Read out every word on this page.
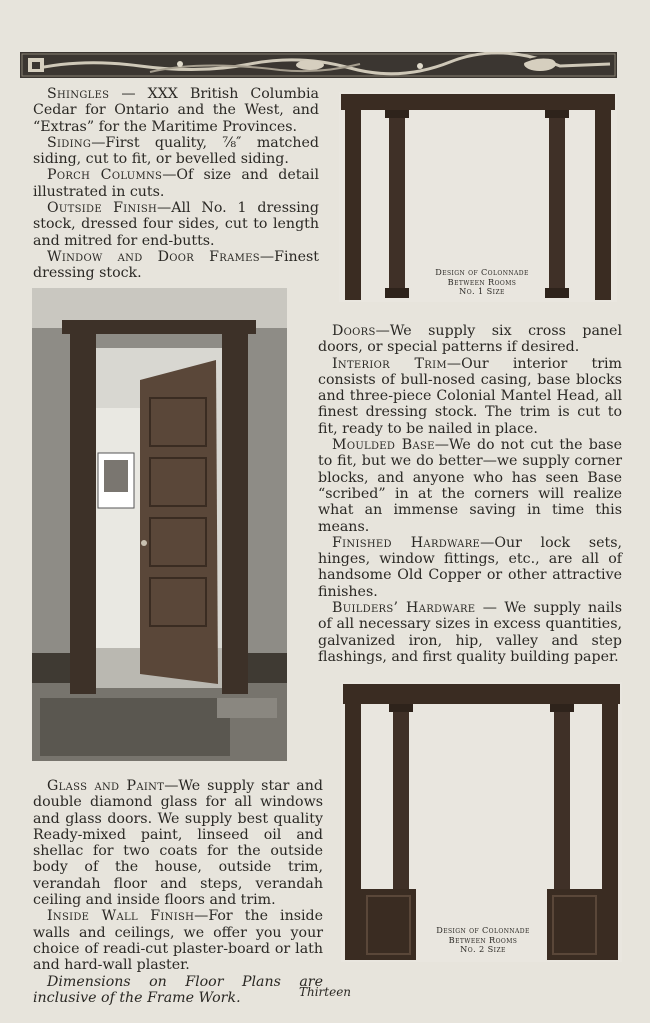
Shingles — XXX British Columbia Cedar for Ontario and the West, and “Extras” for the Maritime Provinces.

Siding—First quality, ⅞″ matched siding, cut to fit, or bevelled siding.

Porch Columns—Of size and detail illustrated in cuts.

Outside Finish—All No. 1 dressing stock, dressed four sides, cut to length and mitred for end-butts.

Window and Door Frames—Finest dressing stock.	Design of Colonnade
Between Rooms
No. 1 Size

Doors—We supply six cross panel doors, or special patterns if desired.

Interior Trim—Our interior trim consists of bull-nosed casing, base blocks and three-piece Colonial Mantel Head, all finest dressing stock. The trim is cut to fit, ready to be nailed in place.

Moulded Base—We do not cut the base to fit, but we do better—we supply corner blocks, and anyone who has seen Base “scribed” in at the corners will realize what an immense saving in time this means.

Finished Hardware—Our lock sets, hinges, window fittings, etc., are all of handsome Old Copper or other attractive finishes.

Builders’ Hardware — We supply nails of all necessary sizes in excess quantities, galvanized iron, hip, valley and step flashings, and first quality building paper.

Design of Colonnade
Between Rooms
No. 2 Size

Glass and Paint—We supply star and double diamond glass for all windows and glass doors. We supply best quality Ready-mixed paint, linseed oil and shellac for two coats for the outside body of the house, outside trim, verandah floor and steps, verandah ceiling and inside floors and trim.

Inside Wall Finish—For the inside walls and ceilings, we offer you your choice of readi-cut plaster-board or lath and hard-wall plaster.

Dimensions on Floor Plans are inclusive of the Frame Work.	Thirteen
